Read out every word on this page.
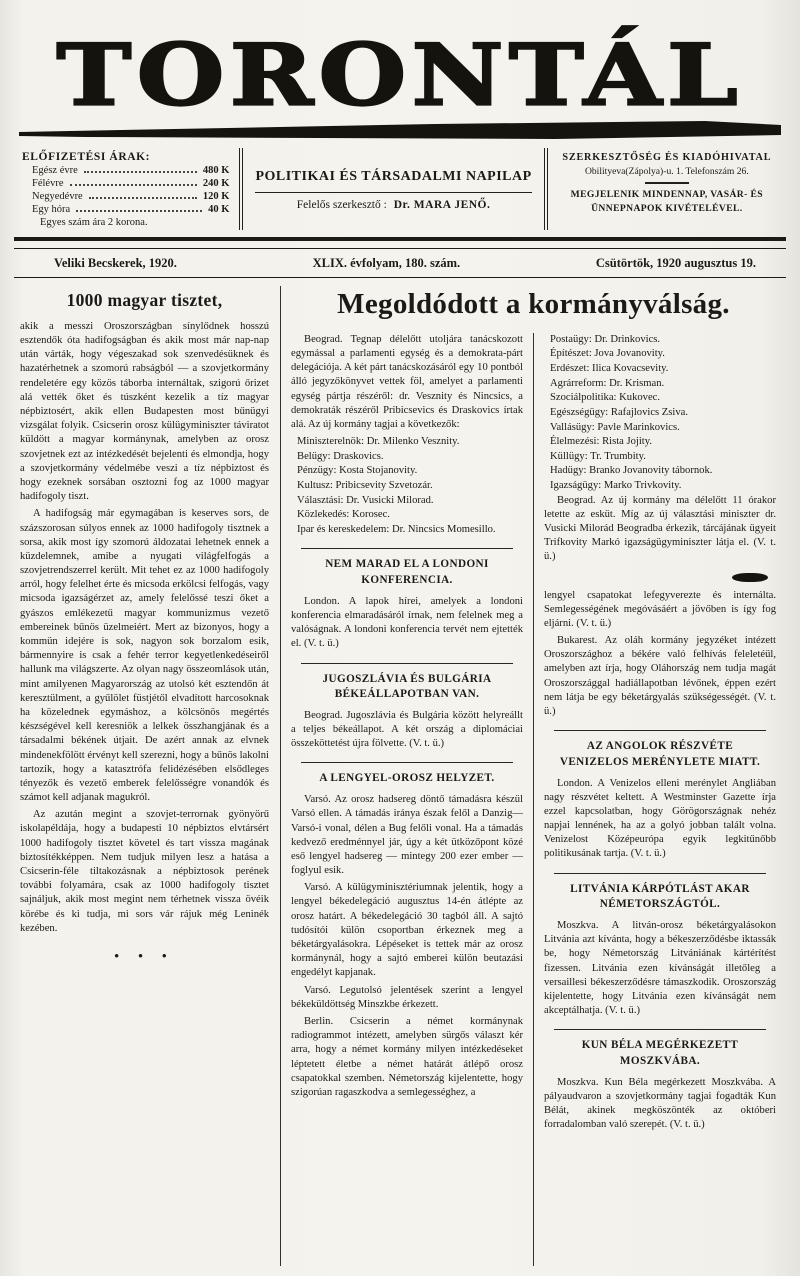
TORONTÁL
ELŐFIZETÉSI ÁRAK:
Egész évre	480 K
Félévre	240 K
Negyedévre	120 K
Egy hóra	40 K
Egyes szám ára 2 korona.
POLITIKAI ÉS TÁRSADALMI NAPILAP
Felelős szerkesztő : Dr. MARA JENŐ.
SZERKESZTŐSÉG ÉS KIADÓHIVATAL
Obilityeva(Zápolya)-u. 1. Telefonszám 26.
MEGJELENIK MINDENNAP, VASÁR- ÉS ÜNNEPNAPOK KIVÉTELÉVEL.
Veliki Becskerek, 1920.	XLIX. évfolyam, 180. szám.	Csütörtök, 1920 augusztus 19.
1000 magyar tisztet,

akik a messzi Oroszországban sínylődnek hosszú esztendők óta hadifogságban és akik most már nap-nap után várták, hogy végeszakad sok szenvedésüknek és hazatérhetnek a szomorú rabságból — a szovjetkormány rendeletére egy közös táborba internáltak, szigorú őrizet alá vették őket és túszként kezelik a tíz magyar népbiztosért, akik ellen Budapesten most bűnügyi vizsgálat folyik. Csicserin orosz külügyminiszter táviratot küldött a magyar kormánynak, amelyben az orosz szovjetnek ezt az intézkedését bejelenti és elmondja, hogy a szovjetkormány védelmébe veszi a tíz népbiztost és hogy ezeknek sorsában osztozni fog az 1000 magyar hadifogoly tiszt.

A hadifogság már egymagában is keserves sors, de százszorosan súlyos ennek az 1000 hadifogoly tisztnek a sorsa, akik most így szomorú áldozatai lehetnek ennek a küzdelemnek, amibe a nyugati világfelfogás a szovjetrendszerrel került. Mit tehet ez az 1000 hadifogoly arról, hogy felelhet érte és micsoda erkölcsi felfogás, vagy micsoda igazságérzet az, amely felelőssé teszi őket a gyászos emlékezetű magyar kommunizmus vezető embereinek bűnös üzelmeiért. Mert az bizonyos, hogy a kommün idejére is sok, nagyon sok borzalom esik, bármennyire is csak a fehér terror kegyetlenkedéseiről hallunk ma világszerte. Az olyan nagy összeomlások után, mint amilyenen Magyarország az utolsó két esztendőn át keresztülment, a gyűlölet füstjétől elvadított harcosoknak ha közelednek egymáshoz, a kölcsönös megértés készségével kell keresniök a lelkek összhangjának és a társadalmi békének útjait. De azért annak az elvnek mindenekfölött érvényt kell szerezni, hogy a bűnös lakolni tartozik, hogy a katasztrófa felidézésében elsődleges tényezők és vezető emberek felelősségre vonandók és számot kell adjanak magukról.

Az azután megint a szovjet-terrornak gyönyörű iskolapéldája, hogy a budapesti 10 népbiztos elvtársért 1000 hadifogoly tisztet követel és tart vissza magának biztosítékképpen. Nem tudjuk milyen lesz a hatása a Csicserin-féle tiltakozásnak a népbiztosok perének további folyamára, csak az 1000 hadifogoly tisztet sajnáljuk, akik most megint nem térhetnek vissza övéik körébe és ki tudja, mi sors vár rájuk még Leninék kezében.

• • •
Megoldódott a kormányválság.

Beograd. Tegnap délelőtt utoljára tanácskozott egymással a parlamenti egység és a demokrata-párt delegációja. A két párt tanácskozásáról egy 10 pontból álló jegyzőkönyvet vettek föl, amelyet a parlamenti egység pártja részéről: dr. Vesznity és Nincsics, a demokraták részéről Pribicsevics és Draskovics írtak alá. Az új kormány tagjai a következők:

Miniszterelnök: Dr. Milenko Vesznity.
Belügy: Draskovics.
Pénzügy: Kosta Stojanovity.
Kultusz: Pribicsevity Szvetozár.
Választási: Dr. Vusicki Milorad.
Közlekedés: Korosec.
Ipar és kereskedelem: Dr. Nincsics Momesillo.
NEM MARAD EL A LONDONI KONFERENCIA.

London. A lapok hírei, amelyek a londoni konferencia elmaradásáról írnak, nem felelnek meg a valóságnak. A londoni konferencia tervét nem ejtették el. (V. t. ü.)

JUGOSZLÁVIA ÉS BULGÁRIA BÉKEÁLLAPOTBAN VAN.

Beograd. Jugoszlávia és Bulgária között helyreállt a teljes békeállapot. A két ország a diplomáciai összeköttetést újra fölvette. (V. t. ü.)

A LENGYEL-OROSZ HELYZET.

Varsó. Az orosz hadsereg döntő támadásra készül Varsó ellen. A támadás iránya észak felől a Danzig—Varsó-i vonal, délen a Bug felőli vonal. Ha a támadás kedvező eredménnyel jár, úgy a két ütközőpont közé eső lengyel hadsereg — mintegy 200 ezer ember — foglyul esik.

Varsó. A külügyminisztériumnak jelentik, hogy a lengyel békedelegáció augusztus 14-én átlépte az orosz határt. A békedelegáció 30 tagból áll. A sajtó tudósítói külön csoportban érkeznek meg a béketárgyalásokra. Lépéseket is tettek már az orosz kormánynál, hogy a sajtó emberei külön beutazási engedélyt kapjanak.

Varsó. Legutolsó jelentések szerint a lengyel békeküldöttség Minszkbe érkezett.

Berlin. Csicserin a német kormánynak radiogrammot intézett, amelyben sürgős választ kér arra, hogy a német kormány milyen intézkedéseket léptetett életbe a német határát átlépő orosz csapatokkal szemben. Németország kijelentette, hogy szigorúan ragaszkodva a semlegességhez, a

Postaügy: Dr. Drinkovics.
Építészet: Jova Jovanovity.
Erdészet: Ilica Kovacsevity.
Agrárreform: Dr. Krisman.
Szociálpolitika: Kukovec.
Egészségügy: Rafajlovics Zsiva.
Vallásügy: Pavle Marinkovics.
Élelmezési: Rista Jojity.
Küllügy: Tr. Trumbity.
Hadügy: Branko Jovanovity tábornok.
Igazságügy: Marko Trivkovity.

Beograd. Az új kormány ma délelőtt 11 órakor letette az esküt. Míg az új választási miniszter dr. Vusicki Milorád Beogradba érkezik, tárcájának ügyeit Trifkovity Markó igazságügyminiszter látja el. (V. t. ü.)

lengyel csapatokat lefegyverezte és internálta. Semlegességének megóvásáért a jövőben is így fog eljárni. (V. t. ü.)

Bukarest. Az oláh kormány jegyzéket intézett Oroszországhoz a békére való felhívás feleletéül, amelyben azt írja, hogy Oláhország nem tudja magát Oroszországgal hadiállapotban lévőnek, éppen ezért nem látja be egy béketárgyalás szükségességét. (V. t. ü.)

AZ ANGOLOK RÉSZVÉTE VENIZELOS MERÉNYLETE MIATT.

London. A Venizelos elleni merénylet Angliában nagy részvétet keltett. A Westminster Gazette írja ezzel kapcsolatban, hogy Görögországnak nehéz napjai lennének, ha az a golyó jobban talált volna. Venizelost Középeurópa egyik legkitűnőbb politikusának tartja. (V. t. ü.)

LITVÁNIA KÁRPÓTLÁST AKAR NÉMETORSZÁGTÓL.

Moszkva. A litván-orosz béketárgyalásokon Litvánia azt kívánta, hogy a békeszerződésbe iktassák be, hogy Németország Litvániának kártérítést fizessen. Litvánia ezen kívánságát illetőleg a versaillesi békeszerződésre támaszkodik. Oroszország kijelentette, hogy Litvánia ezen kívánságát nem akceptálhatja. (V. t. ü.)

KUN BÉLA MEGÉRKEZETT MOSZKVÁBA.

Moszkva. Kun Béla megérkezett Moszkvába. A pályaudvaron a szovjetkormány tagjai fogadták Kun Bélát, akinek megköszönték az októberi forradalomban való szerepét. (V. t. ü.)
